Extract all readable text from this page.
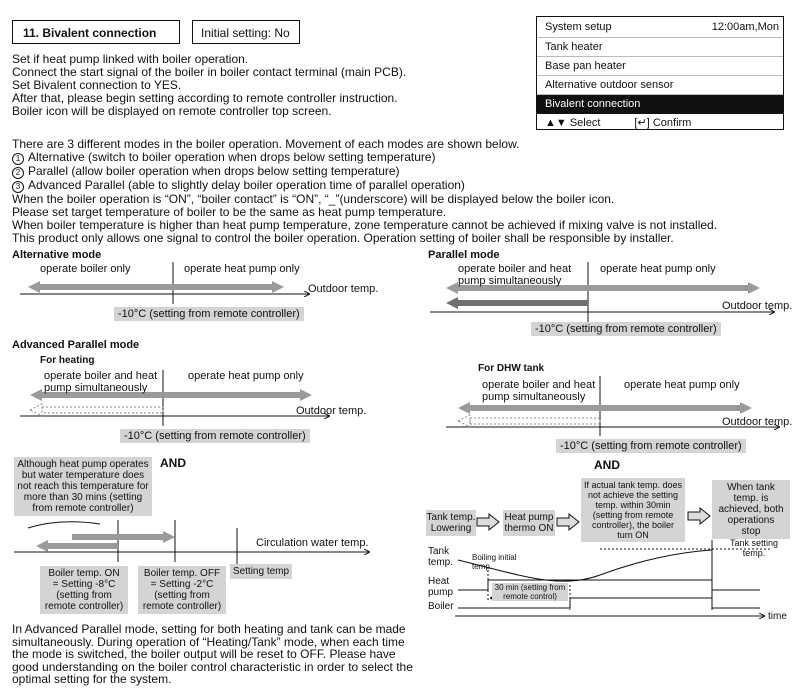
11. Bivalent connection	Initial setting: No	System setup	12:00am,Mon
Tank heater
Base pan heater
Alternative outdoor sensor
Bivalent connection
▲▼ Select	[↵] Confirm
Set if heat pump linked with boiler operation.
Connect the start signal of the boiler in boiler contact terminal (main PCB).
Set Bivalent connection to YES.
After that, please begin setting according to remote controller instruction.
Boiler icon will be displayed on remote controller top screen.
There are 3 different modes in the boiler operation. Movement of each modes are shown below.
1 Alternative (switch to boiler operation when drops below setting temperature)
2 Parallel (allow boiler operation when drops below setting temperature)
3 Advanced Parallel (able to slightly delay boiler operation time of parallel operation)
When the boiler operation is “ON”, “boiler contact” is “ON”, “_”(underscore) will be displayed below the boiler icon.
Please set target temperature of boiler to be the same as heat pump temperature.
When boiler temperature is higher than heat pump temperature, zone temperature cannot be achieved if mixing valve is not installed.
This product only allows one signal to control the boiler operation. Operation setting of boiler shall be responsible by installer.
Alternative mode
operate boiler only	operate heat pump only
Outdoor temp.
-10°C (setting from remote controller)
Parallel mode
operate boiler and heat
pump simultaneously
operate heat pump only
Outdoor temp.
-10°C (setting from remote controller)
Advanced Parallel mode
For heating
operate boiler and heat
pump simultaneously
operate heat pump only
Outdoor temp.
-10°C (setting from remote controller)
For DHW tank
operate boiler and heat
pump simultaneously
operate heat pump only
Outdoor temp.
-10°C (setting from remote controller)
AND	AND
Although heat pump operates
but water temperature does
not reach this temperature for
more than 30 mins (setting
from remote controller)
Circulation water temp.
Boiler temp. ON
= Setting -8°C
(setting from
remote controller)
Boiler temp. OFF
= Setting -2°C
(setting from
remote controller)
Setting temp
Tank temp.
Lowering
Heat pump
thermo ON
If actual tank temp. does
not achieve the setting
temp. within 30min
(setting from remote
controller), the boiler
turn ON
When tank
temp. is
achieved, both
operations
stop
Tank
temp. Boiling initial
temp.
Tank setting
temp.
Heat
pump
Boiler
time
30 min (setting from
remote control)
In Advanced Parallel mode, setting for both heating and tank can be made
simultaneously. During operation of “Heating/Tank” mode, when each time
the mode is switched, the boiler output will be reset to OFF. Please have
good understanding on the boiler control characteristic in order to select the
optimal setting for the system.
